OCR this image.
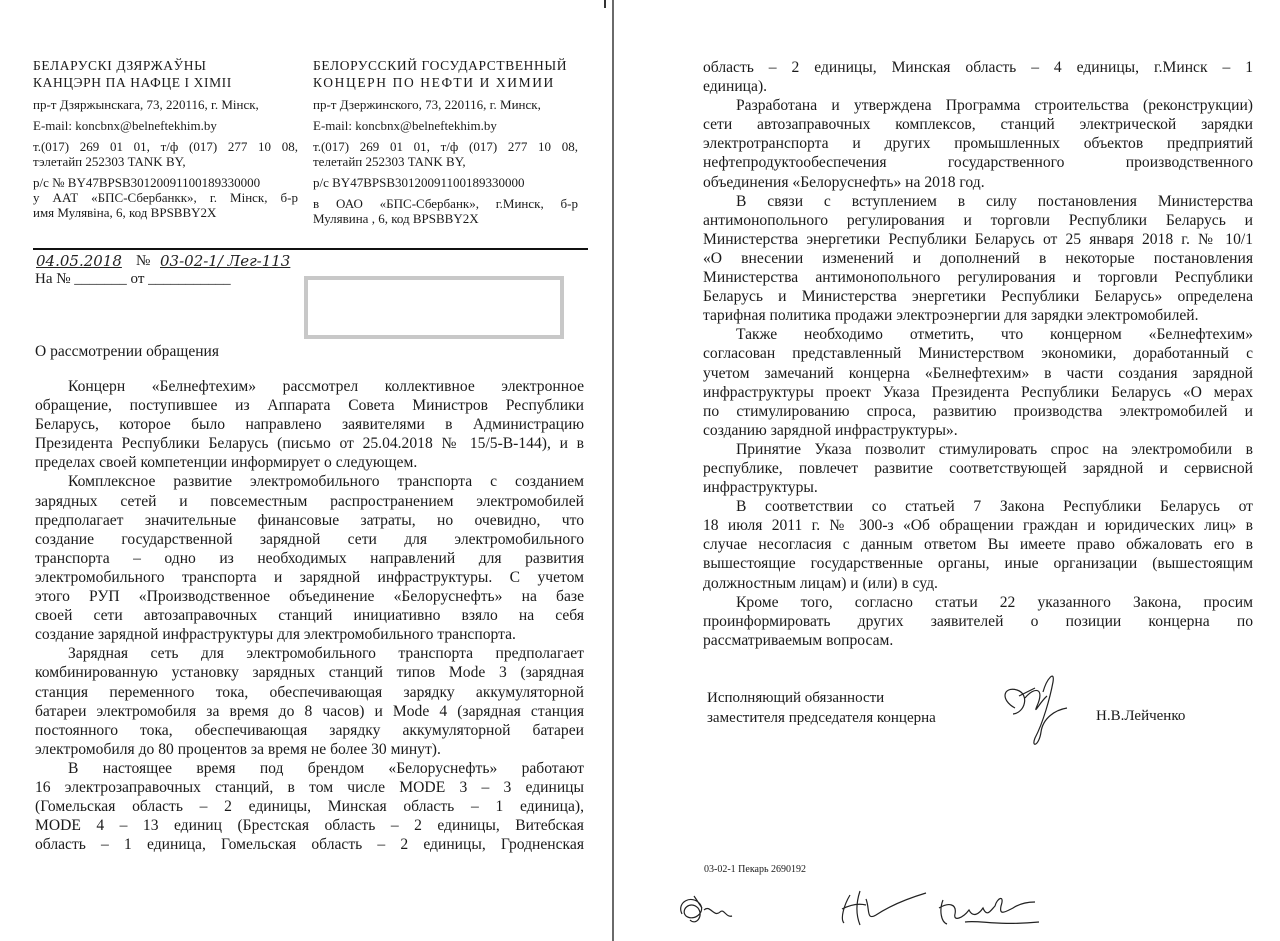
БЕЛАРУСКІ ДЗЯРЖАЎНЫ
КАНЦЭРН ПА НАФЦЕ І ХІМІІ
пр-т Дзяржынскага, 73, 220116, г. Мінск,
E-mail: koncbnx@belneftekhim.by
т.(017) 269 01 01, т/ф (017) 277 10 08,
тэлетайп 252303 TANK BY,
р/с № BY47BPSB30120091100189330000
у ААТ «БПС-Сбербанкк», г. Мінск, б-р
имя Мулявіна, 6, код BPSBBY2X
БЕЛОРУССКИЙ ГОСУДАРСТВЕННЫЙ
КОНЦЕРН ПО НЕФТИ И ХИМИИ
пр-т Дзержинского, 73, 220116, г. Минск,
E-mail: koncbnx@belneftekhim.by
т.(017) 269 01 01, т/ф (017) 277 10 08,
телетайп 252303 TANK BY,
р/с BY47BPSB30120091100189330000
в ОАО «БПС-Сбербанк», г.Минск, б-р
Мулявина , 6, код BPSBBY2X
04.05.2018 № 03-02-1/ Лег-113
На № _______ от ___________
О рассмотрении обращения

Концерн «Белнефтехим» рассмотрел коллективное электронное
обращение, поступившее из Аппарата Совета Министров Республики
Беларусь, которое было направлено заявителями в Администрацию
Президента Республики Беларусь (письмо от 25.04.2018 № 15/5-В-144), и в
пределах своей компетенции информирует о следующем.

Комплексное развитие электромобильного транспорта с созданием
зарядных сетей и повсеместным распространением электромобилей
предполагает значительные финансовые затраты, но очевидно, что
создание государственной зарядной сети для электромобильного
транспорта – одно из необходимых направлений для развития
электромобильного транспорта и зарядной инфраструктуры. С учетом
этого РУП «Производственное объединение «Белоруснефть» на базе
своей сети автозаправочных станций инициативно взяло на себя
создание зарядной инфраструктуры для электромобильного транспорта.

Зарядная сеть для электромобильного транспорта предполагает
комбинированную установку зарядных станций типов Mode 3 (зарядная
станция переменного тока, обеспечивающая зарядку аккумуляторной
батареи электромобиля за время до 8 часов) и Mode 4 (зарядная станция
постоянного тока, обеспечивающая зарядку аккумуляторной батареи
электромобиля до 80 процентов за время не более 30 минут).

В настоящее время под брендом «Белоруснефть» работают
16 электрозаправочных станций, в том числе MODE 3 – 3 единицы
(Гомельская область – 2 единицы, Минская область – 1 единица),
MODE 4 – 13 единиц (Брестская область – 2 единицы, Витебская
область – 1 единица, Гомельская область – 2 единицы, Гродненская

область – 2 единицы, Минская область – 4 единицы, г.Минск – 1
единица).

Разработана и утверждена Программа строительства (реконструкции)
сети автозаправочных комплексов, станций электрической зарядки
электротранспорта и других промышленных объектов предприятий
нефтепродуктообеспечения государственного производственного
объединения «Белоруснефть» на 2018 год.

В связи с вступлением в силу постановления Министерства
антимонопольного регулирования и торговли Республики Беларусь и
Министерства энергетики Республики Беларусь от 25 января 2018 г. № 10/1
«О внесении изменений и дополнений в некоторые постановления
Министерства антимонопольного регулирования и торговли Республики
Беларусь и Министерства энергетики Республики Беларусь» определена
тарифная политика продажи электроэнергии для зарядки электромобилей.

Также необходимо отметить, что концерном «Белнефтехим»
согласован представленный Министерством экономики, доработанный с
учетом замечаний концерна «Белнефтехим» в части создания зарядной
инфраструктуры проект Указа Президента Республики Беларусь «О мерах
по стимулированию спроса, развитию производства электромобилей и
созданию зарядной инфраструктуры».

Принятие Указа позволит стимулировать спрос на электромобили в
республике, повлечет развитие соответствующей зарядной и сервисной
инфраструктуры.

В соответствии со статьей 7 Закона Республики Беларусь от
18 июля 2011 г. № 300-з «Об обращении граждан и юридических лиц» в
случае несогласия с данным ответом Вы имеете право обжаловать его в
вышестоящие государственные органы, иные организации (вышестоящим
должностным лицам) и (или) в суд.

Кроме того, согласно статьи 22 указанного Закона, просим
проинформировать других заявителей о позиции концерна по
рассматриваемым вопросам.

Исполняющий обязанности
заместителя председателя концерна	Н.В.Лейченко
03-02-1 Пекарь 2690192
